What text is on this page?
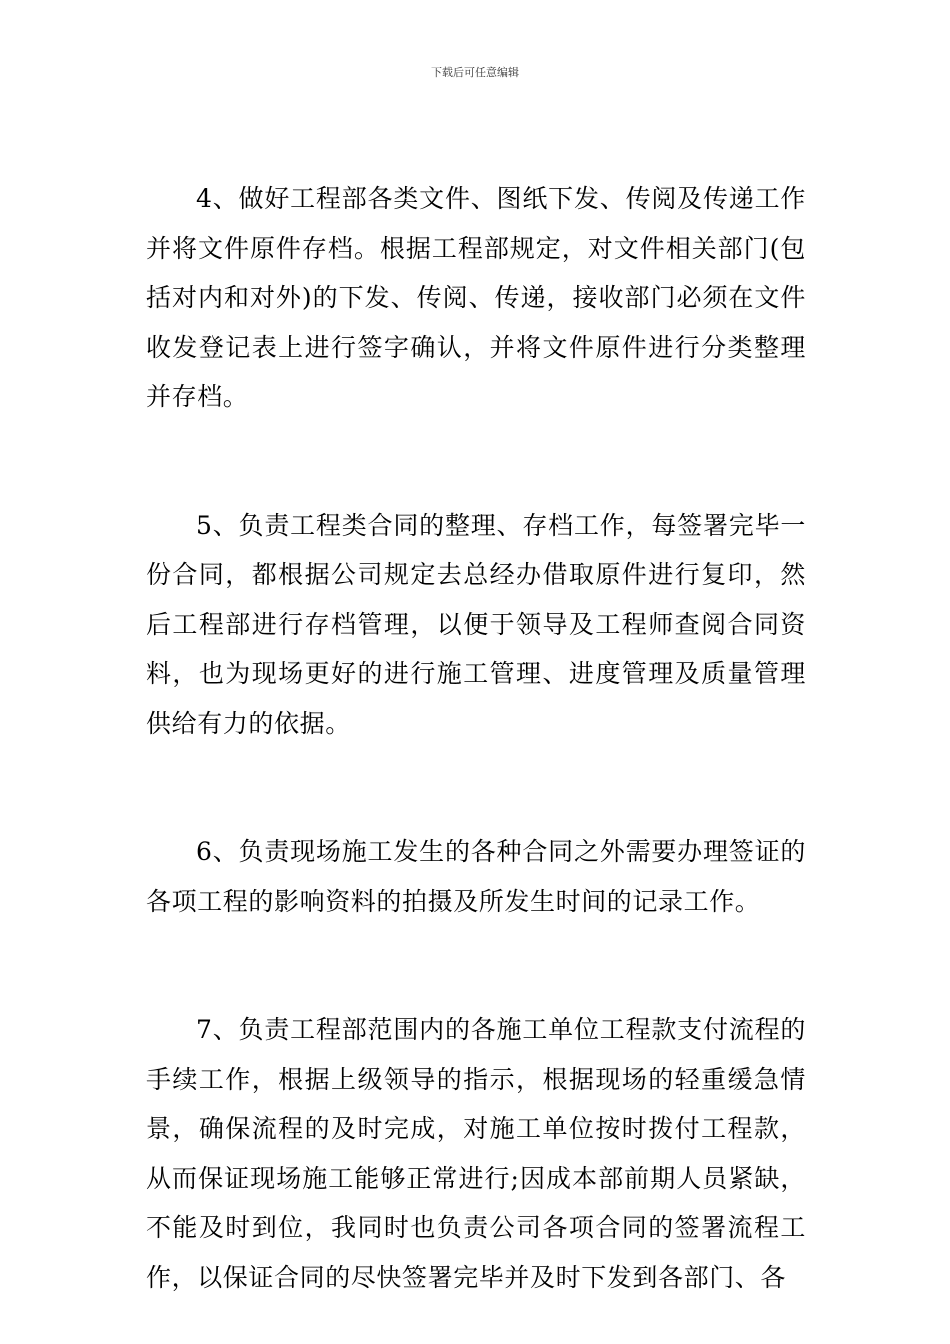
下载后可任意编辑

4、做好工程部各类文件、图纸下发、传阅及传递工作并将文件原件存档。根据工程部规定，对文件相关部门(包括对内和对外)的下发、传阅、传递，接收部门必须在文件收发登记表上进行签字确认，并将文件原件进行分类整理并存档。

5、负责工程类合同的整理、存档工作，每签署完毕一份合同，都根据公司规定去总经办借取原件进行复印，然后工程部进行存档管理，以便于领导及工程师查阅合同资料，也为现场更好的进行施工管理、进度管理及质量管理供给有力的依据。

6、负责现场施工发生的各种合同之外需要办理签证的各项工程的影响资料的拍摄及所发生时间的记录工作。

7、负责工程部范围内的各施工单位工程款支付流程的手续工作，根据上级领导的指示，根据现场的轻重缓急情景，确保流程的及时完成，对施工单位按时拨付工程款，从而保证现场施工能够正常进行;因成本部前期人员紧缺，不能及时到位，我同时也负责公司各项合同的签署流程工作，以保证合同的尽快签署完毕并及时下发到各部门、各
